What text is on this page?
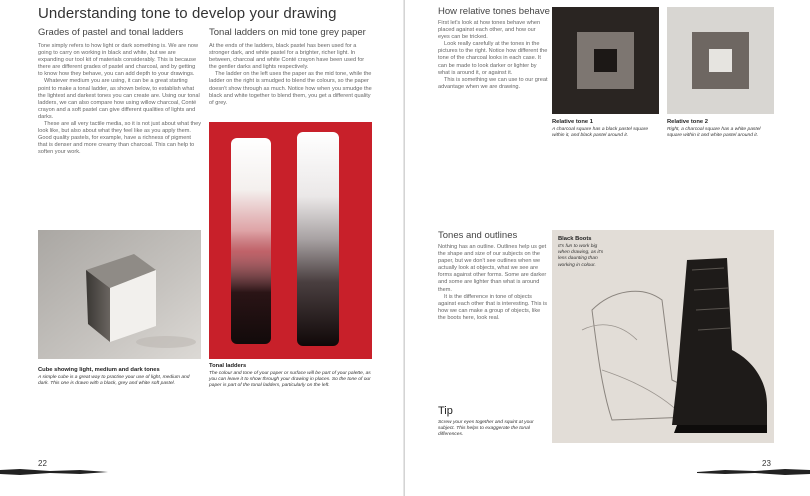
Understanding tone to develop your drawing
Grades of pastel and tonal ladders

Tone simply refers to how light or dark something is. We are now going to carry on working in black and white, but we are expanding our tool kit of materials considerably. This is because there are different grades of pastel and charcoal, and by getting to know how they behave, you can add depth to your drawings.

Whatever medium you are using, it can be a great starting point to make a tonal ladder, as shown below, to establish what the lightest and darkest tones you can create are. Using our tonal ladders, we can also compare how using willow charcoal, Conté crayon and a soft pastel can give different qualities of lights and darks.

These are all very tactile media, so it is not just about what they look like, but also about what they feel like as you apply them. Good quality pastels, for example, have a richness of pigment that is denser and more creamy than charcoal. This can help to soften your work.

Tonal ladders on mid tone grey paper

At the ends of the ladders, black pastel has been used for a stronger dark, and white pastel for a brighter, richer light. In between, charcoal and white Conté crayon have been used for the gentler darks and lights respectively.

The ladder on the left uses the paper as the mid tone, while the ladder on the right is smudged to blend the colours, so the paper doesn't show through as much. Notice how when you smudge the black and white together to blend them, you get a different quality of grey.

Cube showing light, medium and dark tones
A simple cube is a great way to practise your use of light, medium and dark. This one is drawn with a black, grey and white soft pastel.
Tonal ladders
The colour and tone of your paper or surface will be part of your palette, as you can leave it to show through your drawing in places. So the tone of our paper is part of the tonal ladders, particularly on the left.
22
How relative tones behave

First let's look at how tones behave when placed against each other, and how our eyes can be tricked.

Look really carefully at the tones in the pictures to the right. Notice how different the tone of the charcoal looks in each case. It can be made to look darker or lighter by what is around it, or against it.

This is something we can use to our great advantage when we are drawing.

Relative tone 1
A charcoal square has a black pastel square within it, and black pastel around it.
Relative tone 2
Right, a charcoal square has a white pastel square within it and white pastel around it.
Tones and outlines

Nothing has an outline. Outlines help us get the shape and size of our subjects on the paper, but we don't see outlines when we actually look at objects, what we see are forms against other forms. Some are darker and some are lighter than what is around them.

It is the difference in tone of objects against each other that is interesting. This is how we can make a group of objects, like the boots here, look real.

Black Boots
It's fun to work big when drawing, as it's less daunting than working in colour.
Tip
Screw your eyes together and squint at your subject. This helps to exaggerate the tonal differences.
23
